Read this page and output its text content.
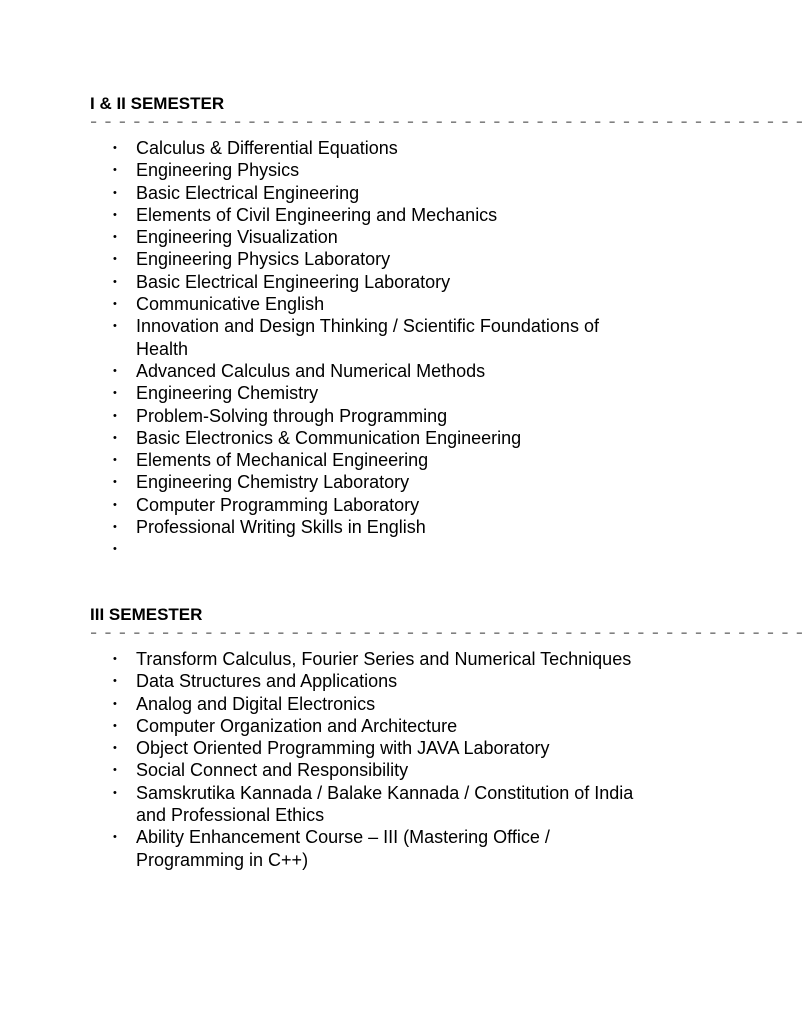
I & II SEMESTER

– – – – – – – – – – – – – – – – – – – – – – – – – – – – – – – – – – – – – – – – – – – – – – – – – –
• Calculus & Differential Equations
• Engineering Physics
• Basic Electrical Engineering
• Elements of Civil Engineering and Mechanics
• Engineering Visualization
• Engineering Physics Laboratory
• Basic Electrical Engineering Laboratory
• Communicative English
• Innovation and Design Thinking / Scientific Foundations of Health
• Advanced Calculus and Numerical Methods
• Engineering Chemistry
• Problem-Solving through Programming
• Basic Electronics & Communication Engineering
• Elements of Mechanical Engineering
• Engineering Chemistry Laboratory
• Computer Programming Laboratory
• Professional Writing Skills in English
•

III SEMESTER

– – – – – – – – – – – – – – – – – – – – – – – – – – – – – – – – – – – – – – – – – – – – – – – – – –
• Transform Calculus, Fourier Series and Numerical Techniques
• Data Structures and Applications
• Analog and Digital Electronics
• Computer Organization and Architecture
• Object Oriented Programming with JAVA Laboratory
• Social Connect and Responsibility
• Samskrutika Kannada / Balake Kannada / Constitution of India and Professional Ethics
• Ability Enhancement Course – III (Mastering Office / Programming in C++)
